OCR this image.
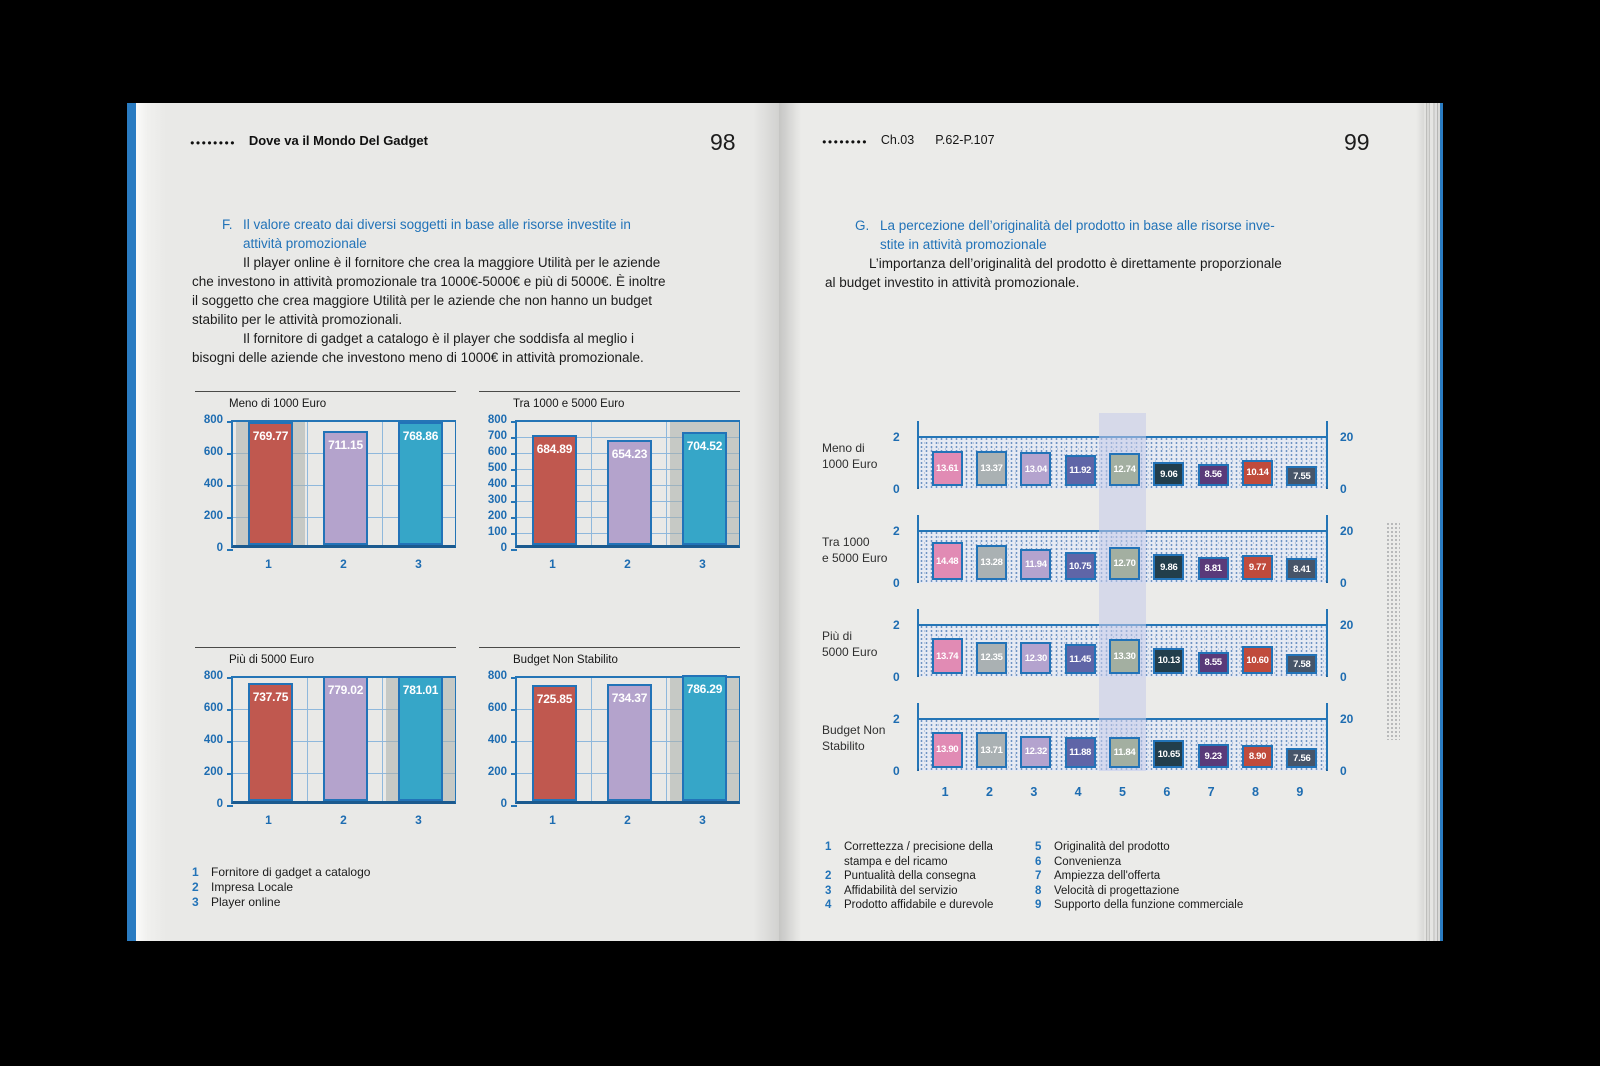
●●●●●●●● Dove va il Mondo Del Gadget	98
F. Il valore creato dai diversi soggetti in base alle risorse investite in
attività promozionale
Il player online è il fornitore che crea la maggiore Utilità per le aziende
che investono in attività promozionale tra 1000€-5000€ e più di 5000€. È inoltre
il soggetto che crea maggiore Utilità per le aziende che non hanno un budget
stabilito per le attività promozionali.
Il fornitore di gadget a catalogo è il player che soddisfa al meglio i
bisogni delle aziende che investono meno di 1000€ in attività promozionale.
Meno di 1000 Euro
0
200
400
600
800
769.77
711.15
768.86
1	2	3
Tra 1000 e 5000 Euro
0
100
200
300
400
500
600
700
800
684.89	654.23
704.52
1	2	3
Più di 5000 Euro
0
200
400
600
800
737.75	779.02	781.01
1	2	3
Budget Non Stabilito
0
200
400
600
800
725.85	734.37
786.29
1	2	3
1	Fornitore di gadget a catalogo
2	Impresa Locale
3	Player online
●●●●●●●● Ch.03 P.62-P.107	99
G. La percezione dell’originalità del prodotto in base alle risorse inve-
stite in attività promozionale
L’importanza dell’originalità del prodotto è direttamente proporzionale
al budget investito in attività promozionale.
Meno di
1000 Euro
2
0
20
0
13.61 13.37 13.04 11.92 12.74	9.06	8.56	10.14	7.55
Tra 1000
e 5000 Euro
2
0
20
0
14.48 13.28 11.94 10.75 12.70	9.86	8.81	9.77	8.41
Più di
5000 Euro
2
0
20
0
13.74 12.35 12.30 11.45 13.30 10.13	8.55	10.60	7.58
Budget Non
Stabilito
2
0
20
0
13.90 13.71 12.32 11.88 11.84 10.65	9.23	8.90	7.56
1	2	3	4	5	6	7	8	9
1	Correttezza / precisione della
stampa e del ricamo
2	Puntualità della consegna
3	Affidabilità del servizio
4	Prodotto affidabile e durevole
5	Originalità del prodotto
6	Convenienza
7	Ampiezza dell'offerta
8	Velocità di progettazione
9	Supporto della funzione commerciale
